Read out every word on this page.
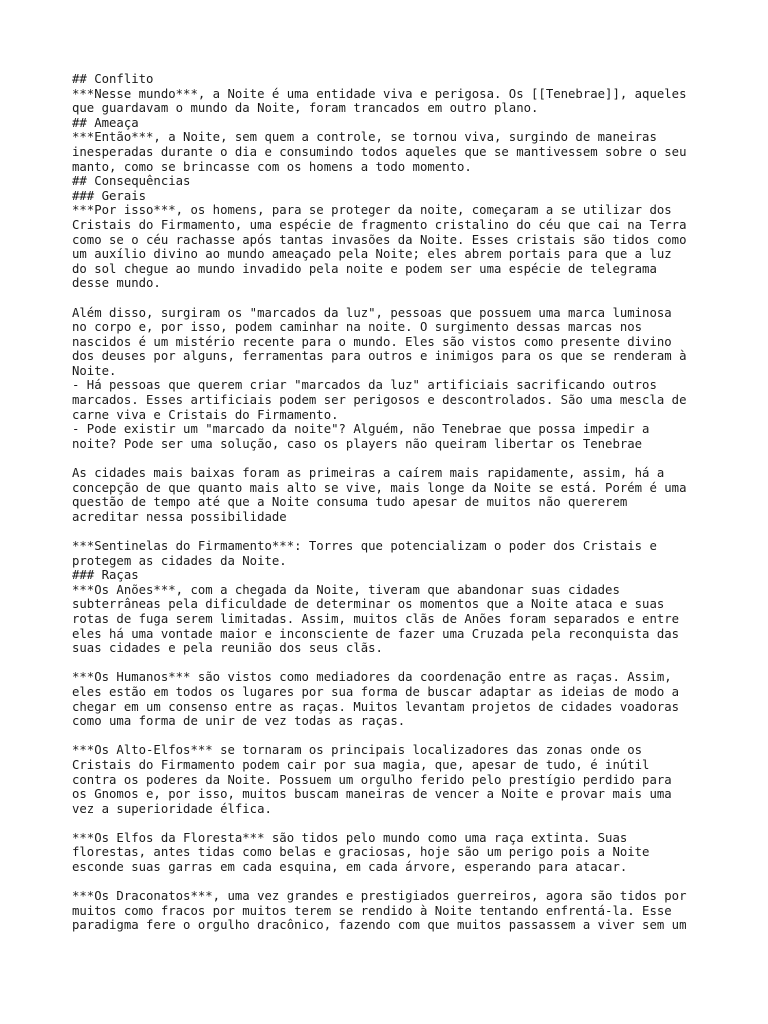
## Conflito
***Nesse mundo***, a Noite é uma entidade viva e perigosa. Os [[Tenebrae]], aqueles
que guardavam o mundo da Noite, foram trancados em outro plano.
## Ameaça
***Então***, a Noite, sem quem a controle, se tornou viva, surgindo de maneiras
inesperadas durante o dia e consumindo todos aqueles que se mantivessem sobre o seu
manto, como se brincasse com os homens a todo momento.
## Consequências
### Gerais
***Por isso***, os homens, para se proteger da noite, começaram a se utilizar dos
Cristais do Firmamento, uma espécie de fragmento cristalino do céu que cai na Terra
como se o céu rachasse após tantas invasões da Noite. Esses cristais são tidos como
um auxílio divino ao mundo ameaçado pela Noite; eles abrem portais para que a luz
do sol chegue ao mundo invadido pela noite e podem ser uma espécie de telegrama
desse mundo.
Além disso, surgiram os "marcados da luz", pessoas que possuem uma marca luminosa
no corpo e, por isso, podem caminhar na noite. O surgimento dessas marcas nos
nascidos é um mistério recente para o mundo. Eles são vistos como presente divino
dos deuses por alguns, ferramentas para outros e inimigos para os que se renderam à
Noite.
- Há pessoas que querem criar "marcados da luz" artificiais sacrificando outros
marcados. Esses artificiais podem ser perigosos e descontrolados. São uma mescla de
carne viva e Cristais do Firmamento.
- Pode existir um "marcado da noite"? Alguém, não Tenebrae que possa impedir a
noite? Pode ser uma solução, caso os players não queiram libertar os Tenebrae
As cidades mais baixas foram as primeiras a caírem mais rapidamente, assim, há a
concepção de que quanto mais alto se vive, mais longe da Noite se está. Porém é uma
questão de tempo até que a Noite consuma tudo apesar de muitos não quererem
acreditar nessa possibilidade
***Sentinelas do Firmamento***: Torres que potencializam o poder dos Cristais e
protegem as cidades da Noite.
### Raças
***Os Anões***, com a chegada da Noite, tiveram que abandonar suas cidades
subterrâneas pela dificuldade de determinar os momentos que a Noite ataca e suas
rotas de fuga serem limitadas. Assim, muitos clãs de Anões foram separados e entre
eles há uma vontade maior e inconsciente de fazer uma Cruzada pela reconquista das
suas cidades e pela reunião dos seus clãs.
***Os Humanos*** são vistos como mediadores da coordenação entre as raças. Assim,
eles estão em todos os lugares por sua forma de buscar adaptar as ideias de modo a
chegar em um consenso entre as raças. Muitos levantam projetos de cidades voadoras
como uma forma de unir de vez todas as raças.
***Os Alto-Elfos*** se tornaram os principais localizadores das zonas onde os
Cristais do Firmamento podem cair por sua magia, que, apesar de tudo, é inútil
contra os poderes da Noite. Possuem um orgulho ferido pelo prestígio perdido para
os Gnomos e, por isso, muitos buscam maneiras de vencer a Noite e provar mais uma
vez a superioridade élfica.
***Os Elfos da Floresta*** são tidos pelo mundo como uma raça extinta. Suas
florestas, antes tidas como belas e graciosas, hoje são um perigo pois a Noite
esconde suas garras em cada esquina, em cada árvore, esperando para atacar.
***Os Draconatos***, uma vez grandes e prestigiados guerreiros, agora são tidos por
muitos como fracos por muitos terem se rendido à Noite tentando enfrentá-la. Esse
paradigma fere o orgulho dracônico, fazendo com que muitos passassem a viver sem um
